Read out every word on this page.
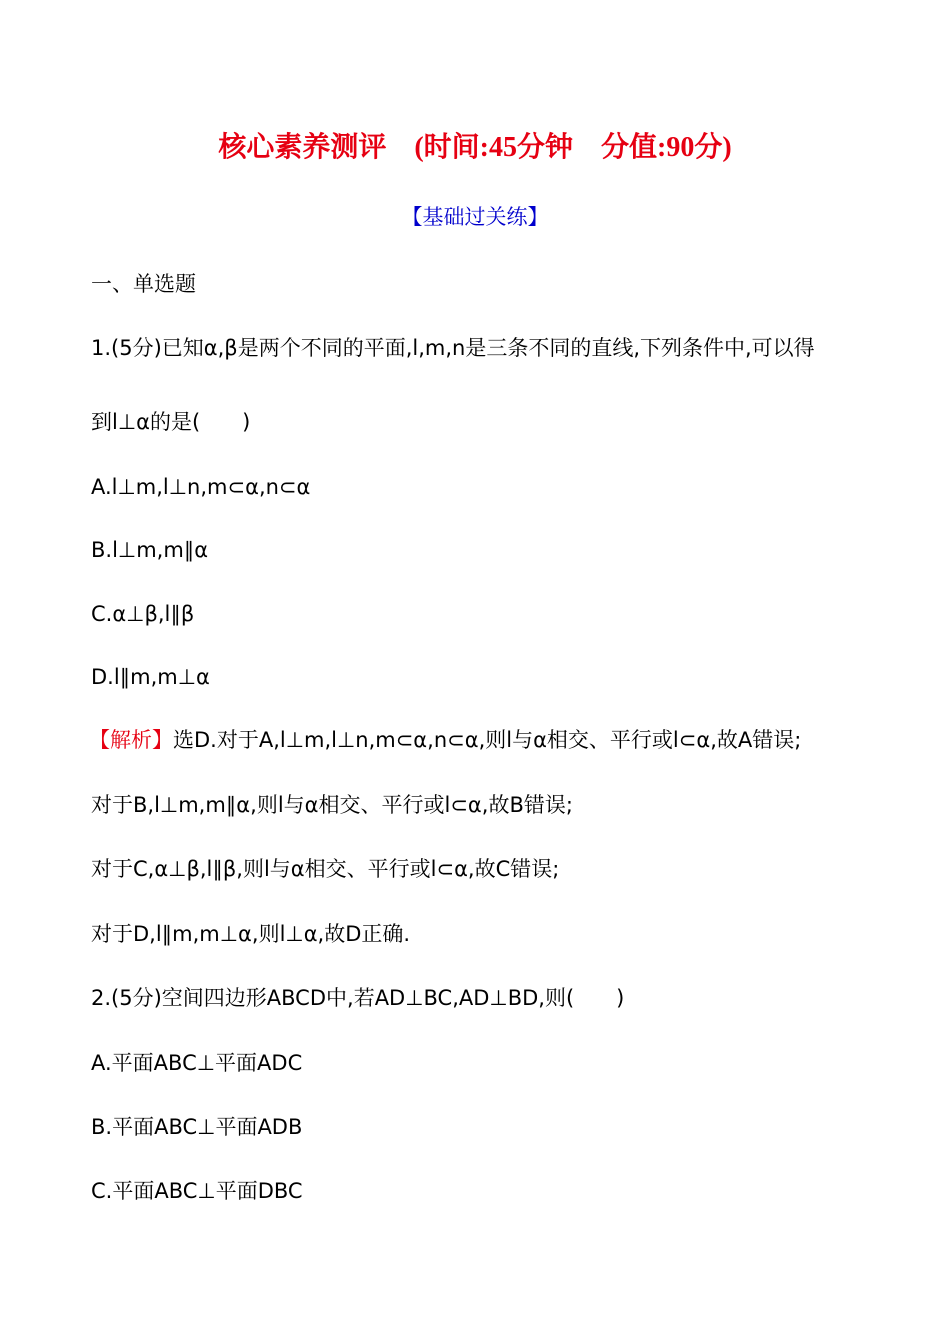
核心素养测评　(时间:45分钟　分值:90分)
【基础过关练】
一、单选题
1.(5分)已知α,β是两个不同的平面,l,m,n是三条不同的直线,下列条件中,可以得
到l⊥α的是(　　)
A.l⊥m,l⊥n,m⊂α,n⊂α
B.l⊥m,m∥α
C.α⊥β,l∥β
D.l∥m,m⊥α
【解析】选D.对于A,l⊥m,l⊥n,m⊂α,n⊂α,则l与α相交、平行或l⊂α,故A错误;
对于B,l⊥m,m∥α,则l与α相交、平行或l⊂α,故B错误;
对于C,α⊥β,l∥β,则l与α相交、平行或l⊂α,故C错误;
对于D,l∥m,m⊥α,则l⊥α,故D正确.
2.(5分)空间四边形ABCD中,若AD⊥BC,AD⊥BD,则(　　)
A.平面ABC⊥平面ADC
B.平面ABC⊥平面ADB
C.平面ABC⊥平面DBC
